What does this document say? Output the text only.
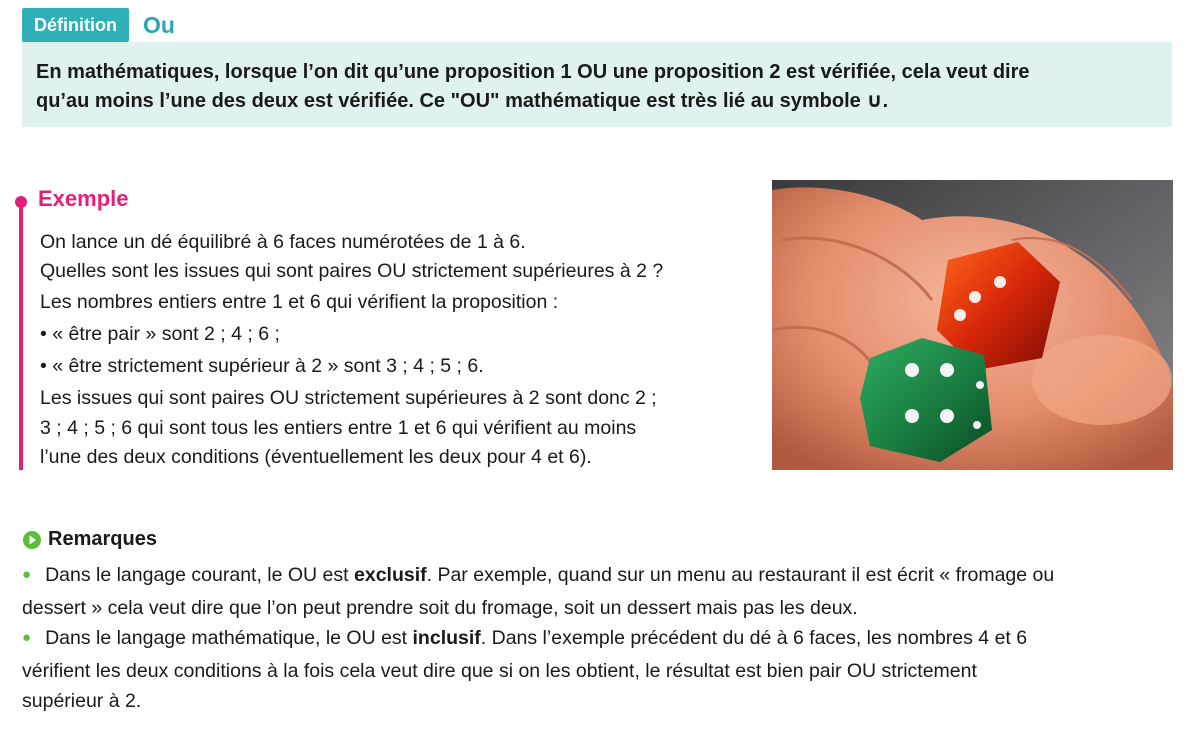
Définition	Ou
En mathématiques, lorsque l’on dit qu’une proposition 1 OU une proposition 2 est vérifiée, cela veut dire
qu’au moins l’une des deux est vérifiée. Ce "OU" mathématique est très lié au symbole ∪.
Exemple

On lance un dé équilibré à 6 faces numérotées de 1 à 6.

Quelles sont les issues qui sont paires OU strictement supérieures à 2 ?

Les nombres entiers entre 1 et 6 qui vérifient la proposition :

• « être pair » sont 2 ; 4 ; 6 ;

• « être strictement supérieur à 2 » sont 3 ; 4 ; 5 ; 6.

Les issues qui sont paires OU strictement supérieures à 2 sont donc 2 ;

3 ; 4 ; 5 ; 6 qui sont tous les entiers entre 1 et 6 qui vérifient au moins

l’une des deux conditions (éventuellement les deux pour 4 et 6).

Remarques

● Dans le langage courant, le OU est exclusif. Par exemple, quand sur un menu au restaurant il est écrit « fromage ou

dessert » cela veut dire que l’on peut prendre soit du fromage, soit un dessert mais pas les deux.

● Dans le langage mathématique, le OU est inclusif. Dans l’exemple précédent du dé à 6 faces, les nombres 4 et 6

vérifient les deux conditions à la fois cela veut dire que si on les obtient, le résultat est bien pair OU strictement

supérieur à 2.
